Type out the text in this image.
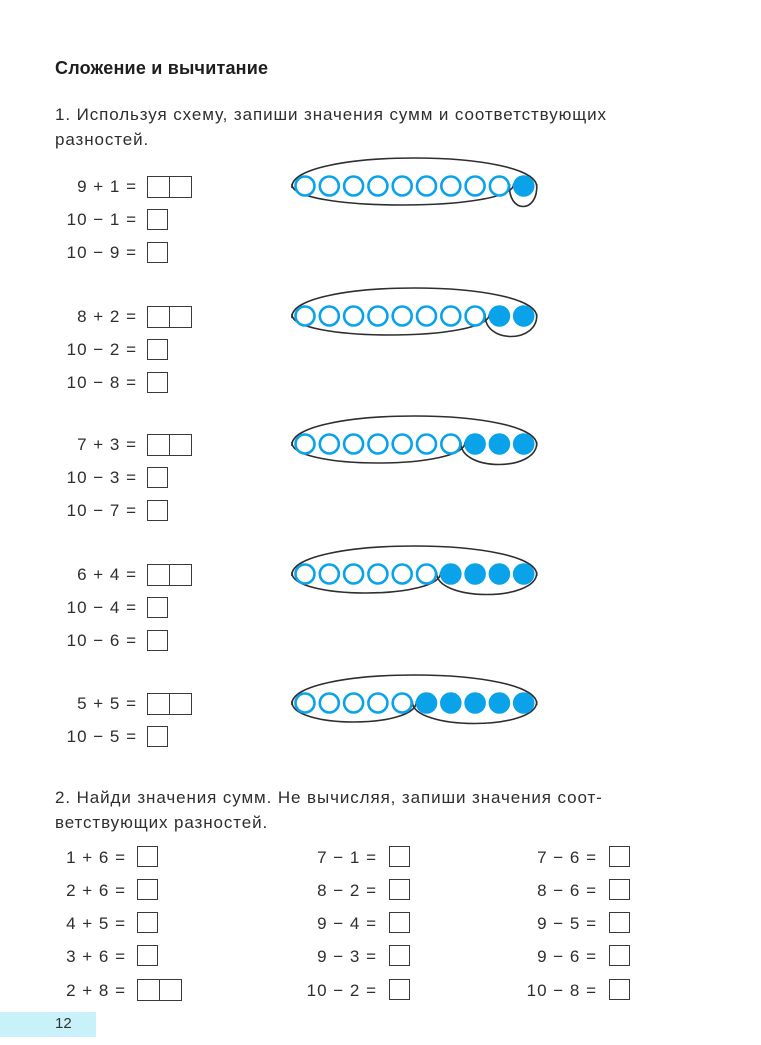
Сложение и вычитание
1. Используя схему, запиши значения сумм и соответствующих
разностей.
9 + 1 =
10 − 1 =
10 − 9 =
8 + 2 =
10 − 2 =
10 − 8 =
7 + 3 =
10 − 3 =
10 − 7 =
6 + 4 =
10 − 4 =
10 − 6 =
5 + 5 =
10 − 5 =
2. Найди значения сумм. Не вычисляя, запиши значения соот-
ветствующих разностей.
1 + 6 =
2 + 6 =
4 + 5 =
3 + 6 =
2 + 8 =
7 − 1 =
8 − 2 =
9 − 4 =
9 − 3 =
10 − 2 =
7 − 6 =
8 − 6 =
9 − 5 =
9 − 6 =
10 − 8 =
12
